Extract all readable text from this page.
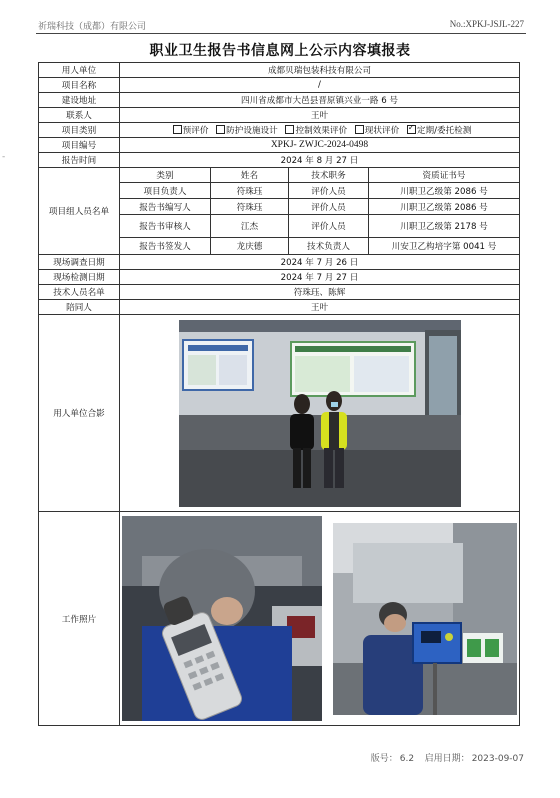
祈瑞科技（成都）有限公司	No.:XPKJ-JSJL-227
-
职业卫生报告书信息网上公示内容填报表
用人单位	成都贝瑞包装科技有限公司			
项目名称	/			
建设地址	四川省成都市大邑县晋原镇兴业一路 6 号			
联系人	王叶			
项目类别	预评价 防护设施设计 控制效果评价 现状评价 ✓ 定期/委托检测
项目编号	XPKJ- ZWJC-2024-0498			
报告时间	2024 年 8 月 27 日			
项目组人员名单	类别	姓名	技术职务	资质证书号
	项目负责人	符珠珏	评价人员	川职卫乙级第 2086 号
	报告书编写人	符珠珏	评价人员	川职卫乙级第 2086 号
	报告书审核人	江杰	评价人员	川职卫乙级第 2178 号
	报告书签发人	龙庆德	技术负责人	川安卫乙构培字第 0041 号
现场调查日期	2024 年 7 月 26 日			
现场检测日期	2024 年 7 月 27 日			
技术人员名单	符珠珏、陈辉			
陪同人	王叶			
用人单位合影	

工作照片	
版号： 6.2 启用日期： 2023-09-07
